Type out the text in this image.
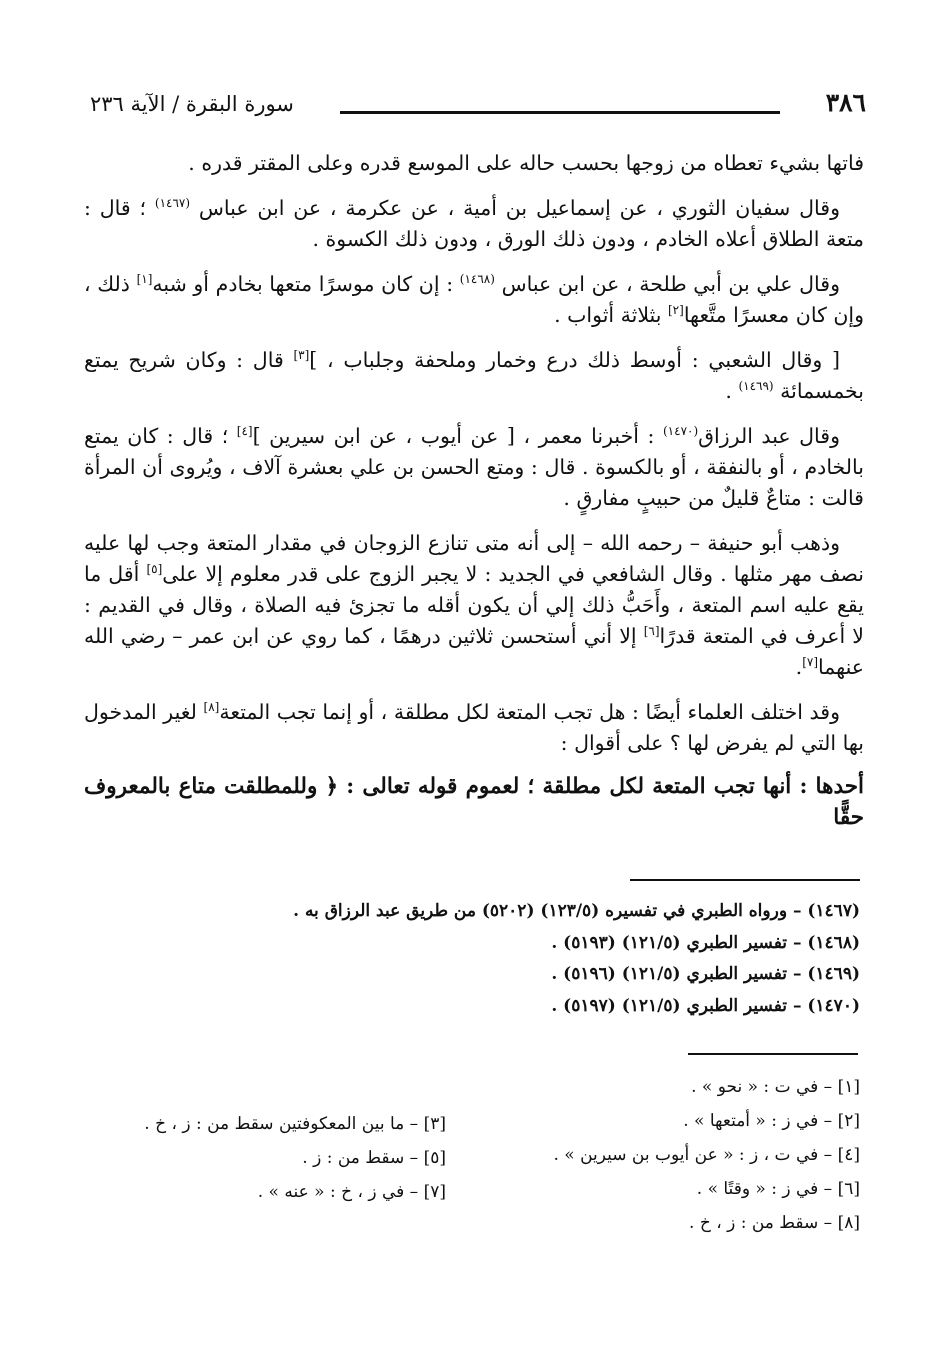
٣٨٦
سورة البقرة / الآية ٢٣٦

فاتها بشيء تعطاه من زوجها بحسب حاله على الموسع قدره وعلى المقتر قدره .

وقال سفيان الثوري ، عن إسماعيل بن أمية ، عن عكرمة ، عن ابن عباس $^{(١٤٦٧)}$ ؛ قال : متعة الطلاق أعلاه الخادم ، ودون ذلك الورق ، ودون ذلك الكسوة .

وقال علي بن أبي طلحة ، عن ابن عباس $^{(١٤٦٨)}$ : إن كان موسرًا متعها بخادم أو شبه[١] ذلك ، وإن كان معسرًا متَّعها[٢] بثلاثة أثواب .

[ وقال الشعبي : أوسط ذلك درع وخمار وملحفة وجلباب ، ][٣] قال : وكان شريح يمتع بخمسمائة $^{(١٤٦٩)}$ .

وقال عبد الرزاق$^{(١٤٧٠)}$ : أخبرنا معمر ، [ عن أيوب ، عن ابن سيرين ][٤] ؛ قال : كان يمتع بالخادم ، أو بالنفقة ، أو بالكسوة . قال : ومتع الحسن بن علي بعشرة آلاف ، ويُروى أن المرأة قالت : متاعٌ قليلٌ من حبيبٍ مفارقٍ .

وذهب أبو حنيفة – رحمه الله – إلى أنه متى تنازع الزوجان في مقدار المتعة وجب لها عليه نصف مهر مثلها . وقال الشافعي في الجديد : لا يجبر الزوج على قدر معلوم إلا على[٥] أقل ما يقع عليه اسم المتعة ، وأَحَبُّ ذلك إلي أن يكون أقله ما تجزئ فيه الصلاة ، وقال في القديم : لا أعرف في المتعة قدرًا[٦] إلا أني أستحسن ثلاثين درهمًا ، كما روي عن ابن عمر – رضي الله عنهما[٧].

وقد اختلف العلماء أيضًا : هل تجب المتعة لكل مطلقة ، أو إنما تجب المتعة[٨] لغير المدخول بها التي لم يفرض لها ؟ على أقوال :

أحدها : أنها تجب المتعة لكل مطلقة ؛ لعموم قوله تعالى : ﴿ وللمطلقت متاع بالمعروف حقًّا

(١٤٦٧) – ورواه الطبري في تفسيره (١٢٣/٥) (٥٢٠٢) من طريق عبد الرزاق به .
(١٤٦٨) – تفسير الطبري (١٢١/٥) (٥١٩٣) .
(١٤٦٩) – تفسير الطبري (١٢١/٥) (٥١٩٦) .
(١٤٧٠) – تفسير الطبري (١٢١/٥) (٥١٩٧) .
[١] – في ت : « نحو » .
[٢] – في ز : « أمتعها » .
[٤] – في ت ، ز : « عن أيوب بن سيرين » .
[٦] – في ز : « وقتًا » .
[٨] – سقط من : ز ، خ .
[٣] – ما بين المعكوفتين سقط من : ز ، خ .
[٥] – سقط من : ز .
[٧] – في ز ، خ : « عنه » .
